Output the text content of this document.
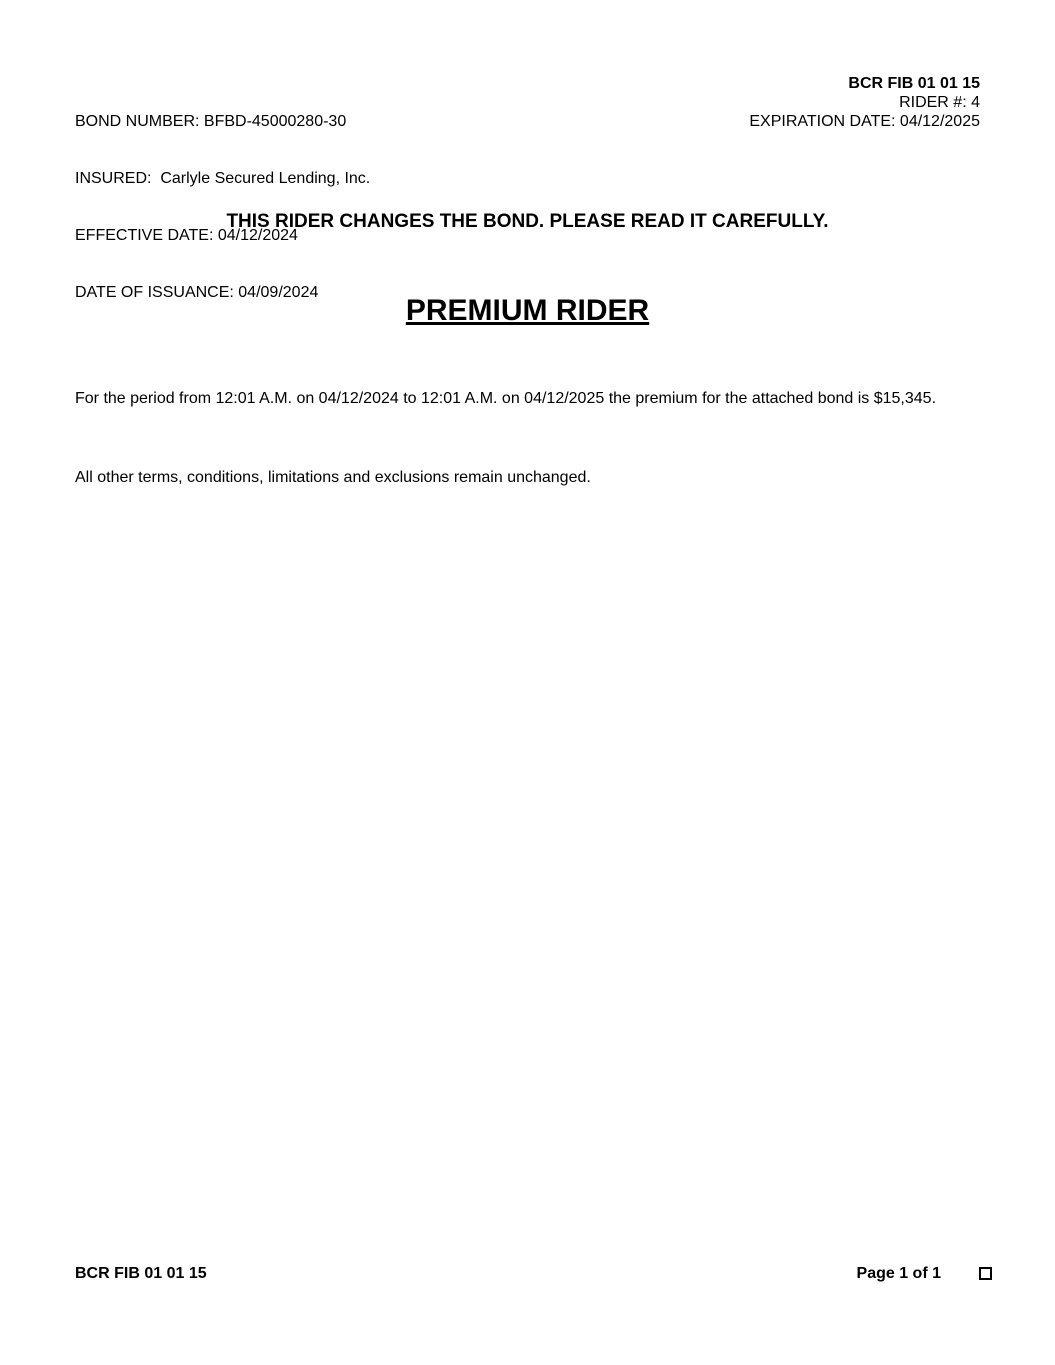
BOND NUMBER: BFBD-45000280-30

INSURED:  Carlyle Secured Lending, Inc.

EFFECTIVE DATE: 04/12/2024

DATE OF ISSUANCE: 04/09/2024

BCR FIB 01 01 15
RIDER #: 4
EXPIRATION DATE: 04/12/2025
THIS RIDER CHANGES THE BOND. PLEASE READ IT CAREFULLY.
PREMIUM RIDER
For the period from 12:01 A.M. on 04/12/2024 to 12:01 A.M. on 04/12/2025 the premium for the attached bond is $15,345.
All other terms, conditions, limitations and exclusions remain unchanged.
BCR FIB 01 01 15	Page 1 of 1
